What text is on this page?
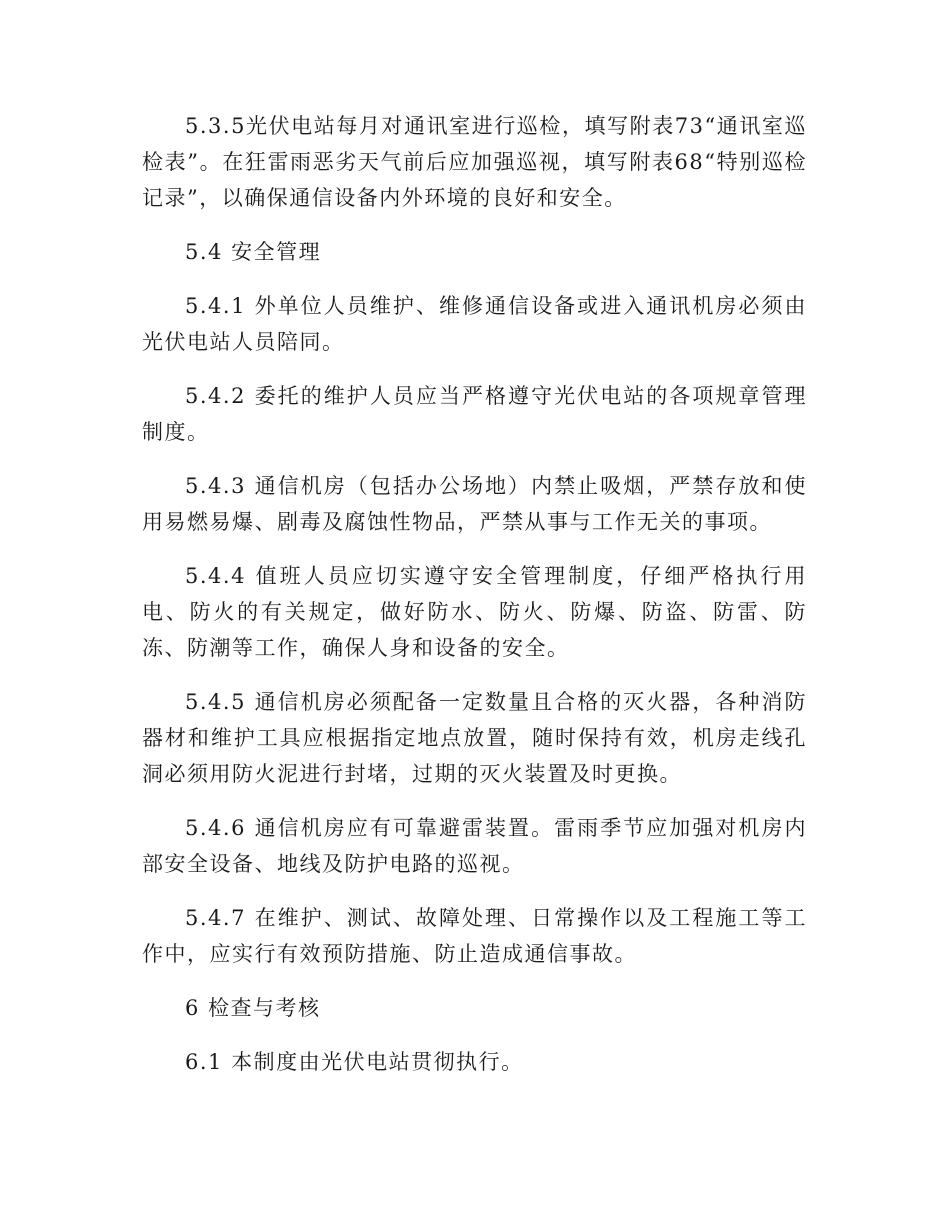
5.3.5光伏电站每月对通讯室进行巡检，填写附表73“通讯室巡检表”。在狂雷雨恶劣天气前后应加强巡视，填写附表68“特别巡检记录”，以确保通信设备内外环境的良好和安全。

5.4 安全管理

5.4.1 外单位人员维护、维修通信设备或进入通讯机房必须由光伏电站人员陪同。

5.4.2 委托的维护人员应当严格遵守光伏电站的各项规章管理制度。

5.4.3 通信机房（包括办公场地）内禁止吸烟，严禁存放和使用易燃易爆、剧毒及腐蚀性物品，严禁从事与工作无关的事项。

5.4.4 值班人员应切实遵守安全管理制度，仔细严格执行用电、防火的有关规定，做好防水、防火、防爆、防盗、防雷、防冻、防潮等工作，确保人身和设备的安全。

5.4.5 通信机房必须配备一定数量且合格的灭火器，各种消防器材和维护工具应根据指定地点放置，随时保持有效，机房走线孔洞必须用防火泥进行封堵，过期的灭火装置及时更换。

5.4.6 通信机房应有可靠避雷装置。雷雨季节应加强对机房内部安全设备、地线及防护电路的巡视。

5.4.7 在维护、测试、故障处理、日常操作以及工程施工等工作中，应实行有效预防措施、防止造成通信事故。

6 检查与考核

6.1 本制度由光伏电站贯彻执行。
